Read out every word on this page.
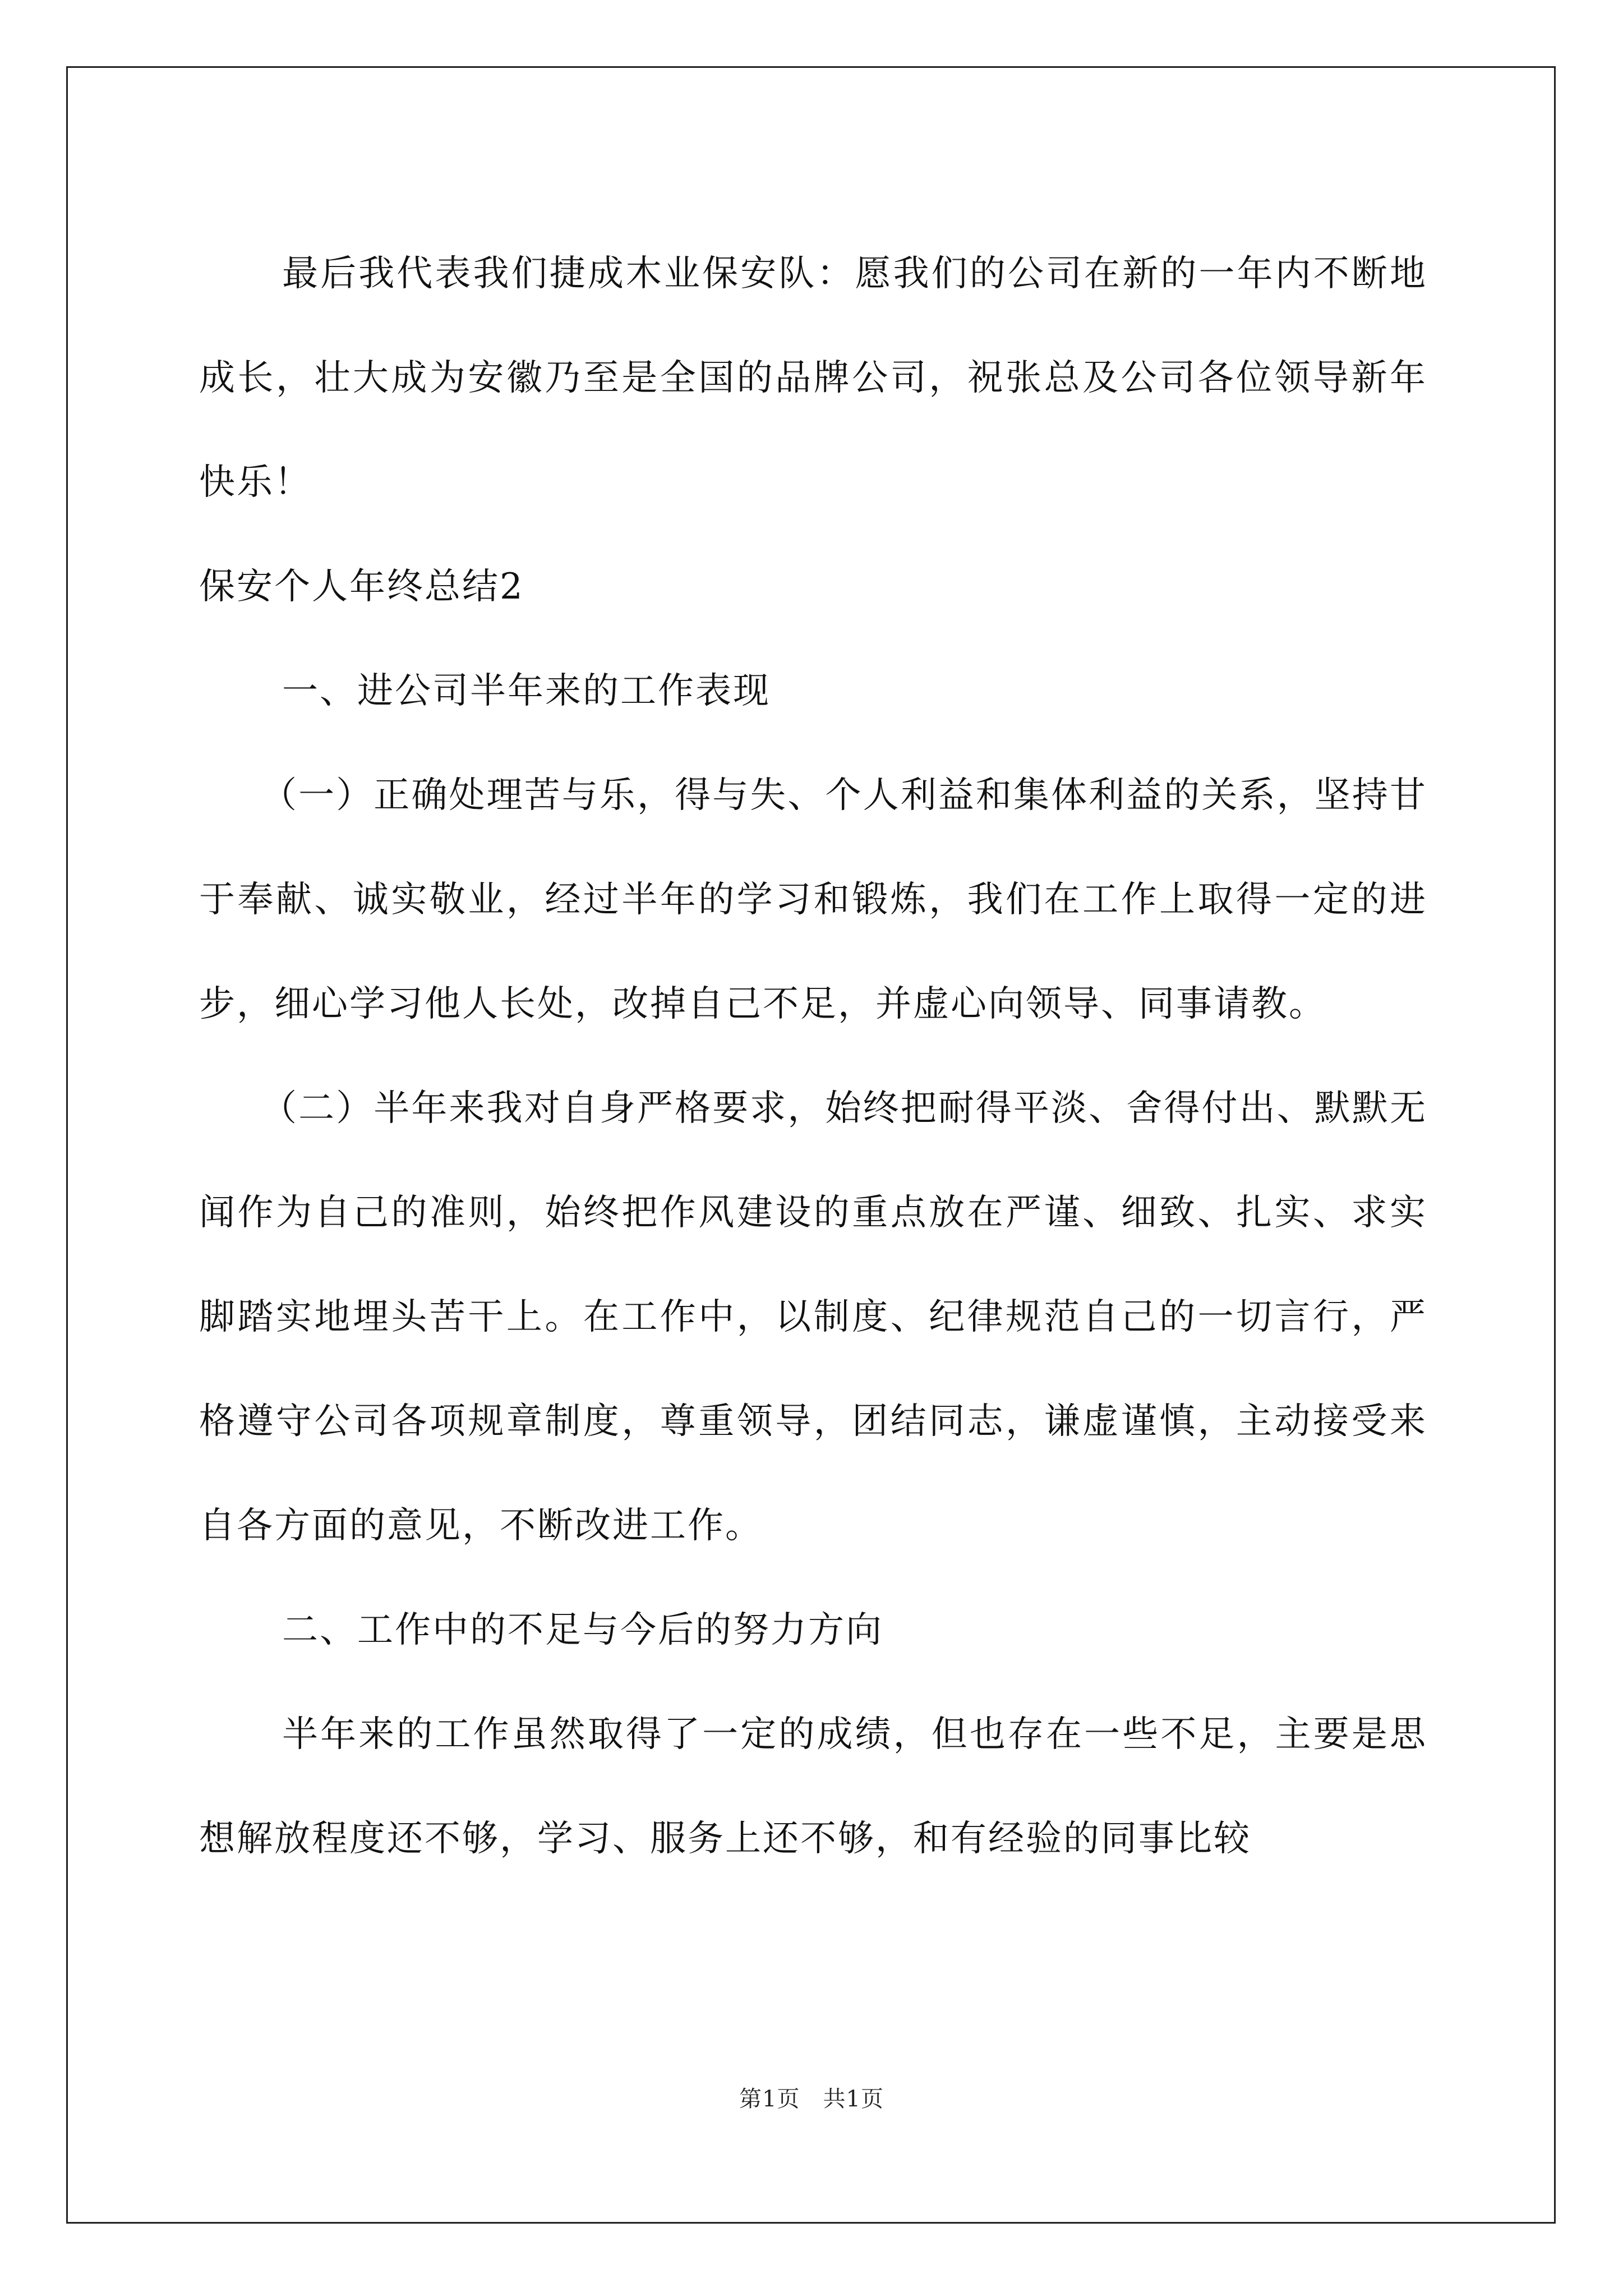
最后我代表我们捷成木业保安队：愿我们的公司在新的一年内不断地成长，壮大成为安徽乃至是全国的品牌公司，祝张总及公司各位领导新年快乐！

保安个人年终总结2

一、进公司半年来的工作表现

（一）正确处理苦与乐，得与失、个人利益和集体利益的关系，坚持甘于奉献、诚实敬业，经过半年的学习和锻炼，我们在工作上取得一定的进步，细心学习他人长处，改掉自己不足，并虚心向领导、同事请教。

（二）半年来我对自身严格要求，始终把耐得平淡、舍得付出、默默无闻作为自己的准则，始终把作风建设的重点放在严谨、细致、扎实、求实脚踏实地埋头苦干上。在工作中，以制度、纪律规范自己的一切言行，严格遵守公司各项规章制度，尊重领导，团结同志，谦虚谨慎，主动接受来自各方面的意见，不断改进工作。

二、工作中的不足与今后的努力方向

半年来的工作虽然取得了一定的成绩，但也存在一些不足，主要是思想解放程度还不够，学习、服务上还不够，和有经验的同事比较

第1页　共1页
